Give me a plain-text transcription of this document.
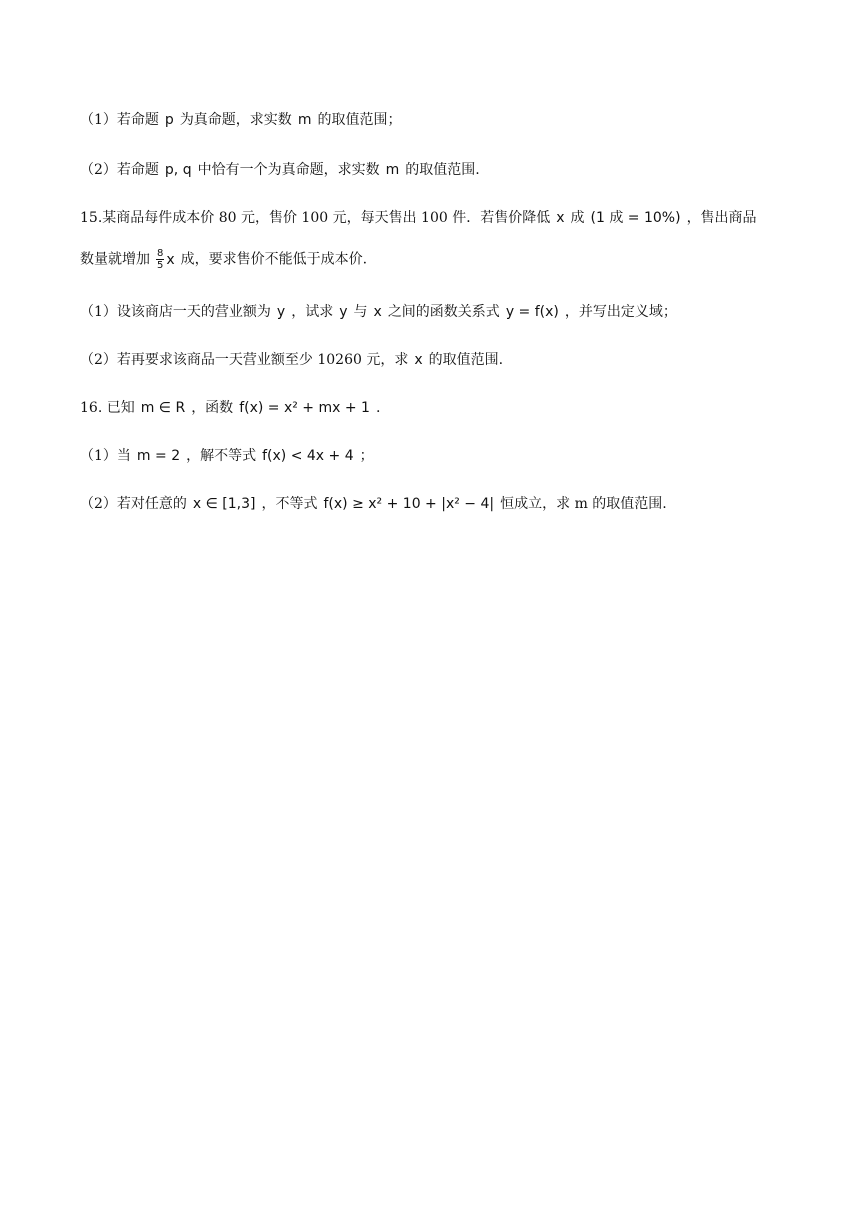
（1）若命题 p 为真命题，求实数 m 的取值范围；
（2）若命题 p, q 中恰有一个为真命题，求实数 m 的取值范围.
15.某商品每件成本价 80 元，售价 100 元，每天售出 100 件．若售价降低 x 成 (1 成 = 10%) ，售出商品
数量就增加 $\frac{8}{5}$ x 成，要求售价不能低于成本价.
（1）设该商店一天的营业额为 y ，试求 y 与 x 之间的函数关系式 y = f(x) ，并写出定义域；
（2）若再要求该商品一天营业额至少 10260 元，求 x 的取值范围.
16. 已知 m ∈ R ，函数 f(x) = x² + mx + 1 .
（1）当 m = 2 ，解不等式 f(x) < 4x + 4 ；
（2）若对任意的 x ∈ [1,3] ，不等式 f(x) ≥ x² + 10 + |x² − 4| 恒成立，求 m 的取值范围.
